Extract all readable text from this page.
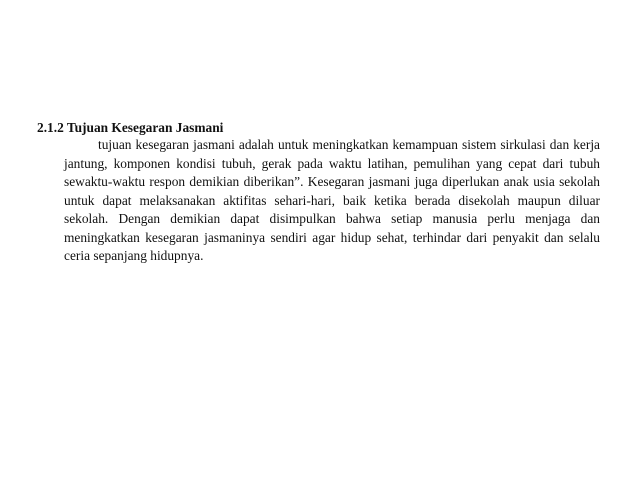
2.1.2 Tujuan Kesegaran Jasmani

tujuan kesegaran jasmani adalah untuk meningkatkan kemampuan sistem sirkulasi dan kerja jantung, komponen kondisi tubuh, gerak pada waktu latihan, pemulihan yang cepat dari tubuh sewaktu-waktu respon demikian diberikan”. Kesegaran jasmani juga diperlukan anak usia sekolah untuk dapat melaksanakan aktifitas sehari-hari, baik ketika berada disekolah maupun diluar sekolah. Dengan demikian dapat disimpulkan bahwa setiap manusia perlu menjaga dan meningkatkan kesegaran jasmaninya sendiri agar hidup sehat, terhindar dari penyakit dan selalu ceria sepanjang hidupnya.
